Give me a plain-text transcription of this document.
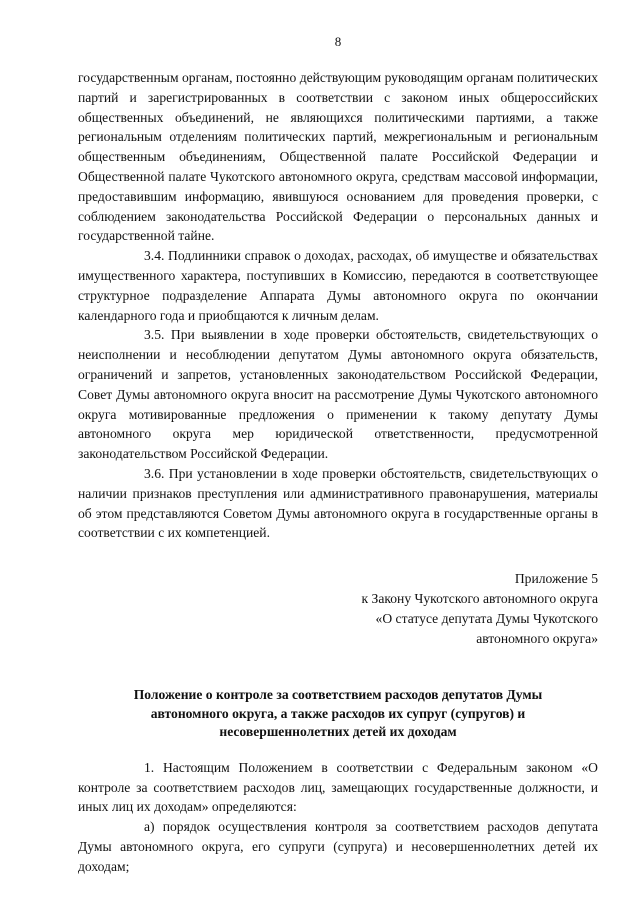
8

государственным органам, постоянно действующим руководящим органам политических партий и зарегистрированных в соответствии с законом иных общероссийских общественных объединений, не являющихся политическими партиями, а также региональным отделениям политических партий, межрегиональным и региональным общественным объединениям, Общественной палате Российской Федерации и Общественной палате Чукотского автономного округа, средствам массовой информации, предоставившим информацию, явившуюся основанием для проведения проверки, с соблюдением законодательства Российской Федерации о персональных данных и государственной тайне.

3.4. Подлинники справок о доходах, расходах, об имуществе и обязательствах имущественного характера, поступивших в Комиссию, передаются в соответствующее структурное подразделение Аппарата Думы автономного округа по окончании календарного года и приобщаются к личным делам.

3.5. При выявлении в ходе проверки обстоятельств, свидетельствующих о неисполнении и несоблюдении депутатом Думы автономного округа обязательств, ограничений и запретов, установленных законодательством Российской Федерации, Совет Думы автономного округа вносит на рассмотрение Думы Чукотского автономного округа мотивированные предложения о применении к такому депутату Думы автономного округа мер юридической ответственности, предусмотренной законодательством Российской Федерации.

3.6. При установлении в ходе проверки обстоятельств, свидетельствующих о наличии признаков преступления или административного правонарушения, материалы об этом представляются Советом Думы автономного округа в государственные органы в соответствии с их компетенцией.

Приложение 5
к Закону Чукотского автономного округа
«О статусе депутата Думы Чукотского
автономного округа»
Положение о контроле за соответствием расходов депутатов Думы
автономного округа, а также расходов их супруг (супругов) и
несовершеннолетних детей их доходам

1. Настоящим Положением в соответствии с Федеральным законом «О контроле за соответствием расходов лиц, замещающих государственные должности, и иных лиц их доходам» определяются:

а) порядок осуществления контроля за соответствием расходов депутата Думы автономного округа, его супруги (супруга) и несовершеннолетних детей их доходам;
